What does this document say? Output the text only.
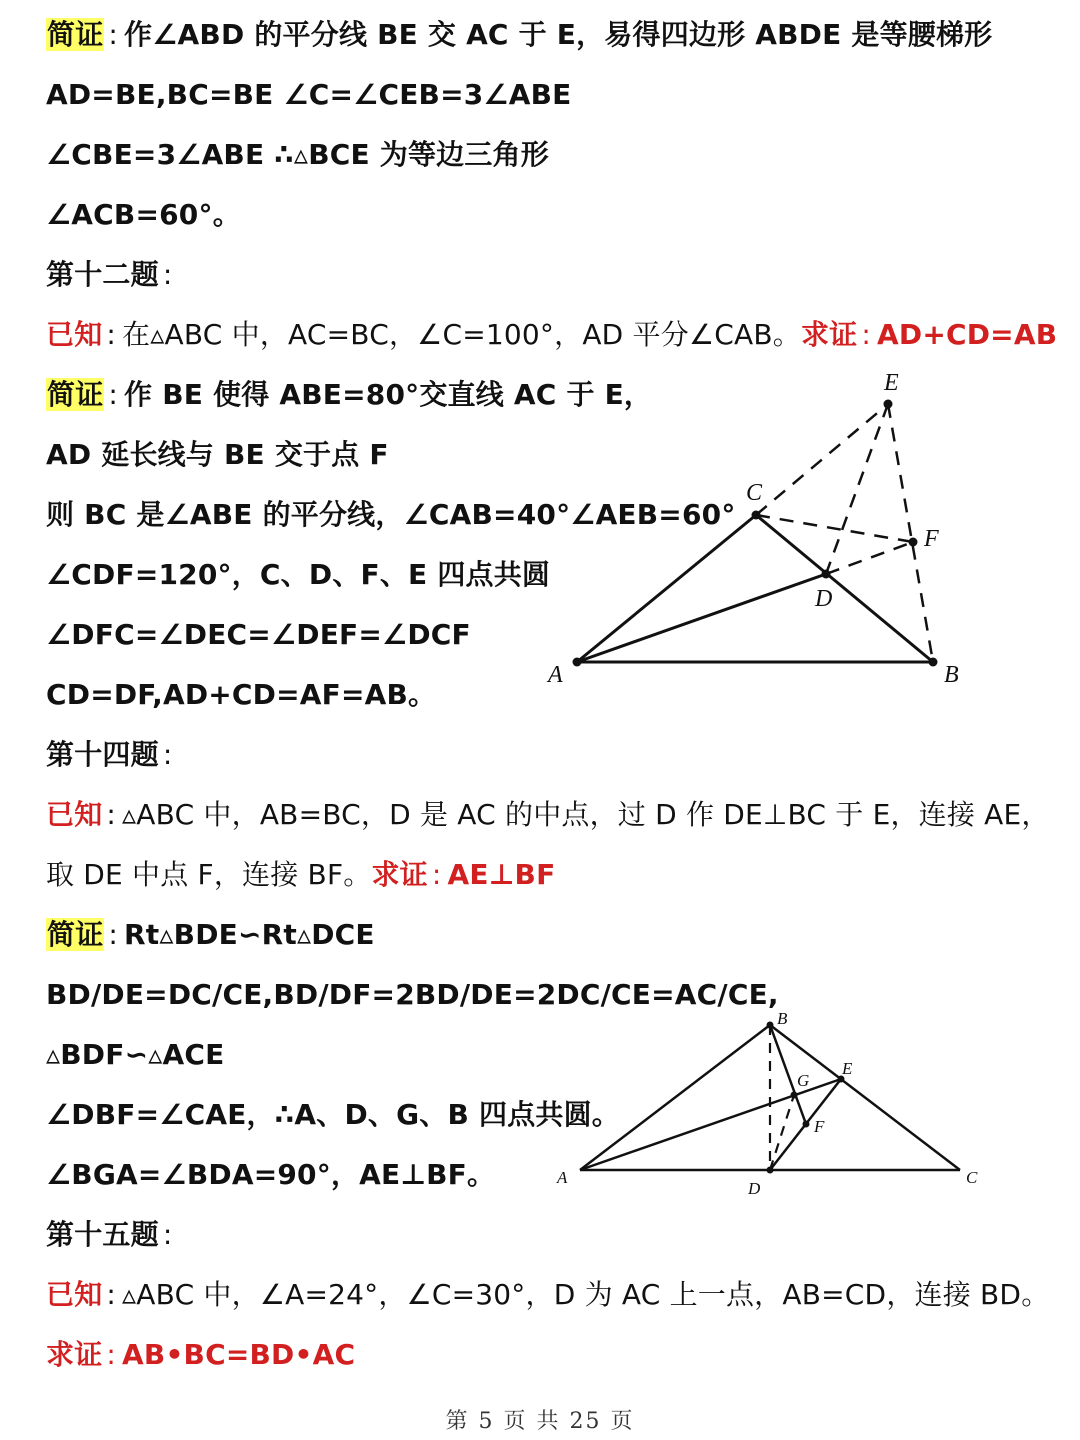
简证 : 作∠ABD 的平分线 BE 交 AC 于 E，易得四边形 ABDE 是等腰梯形
AD=BE,BC=BE ∠C=∠CEB=3∠ABE
∠CBE=3∠ABE ∴▵BCE 为等边三角形
∠ACB=60°。
第十二题 :
已知 : 在▵ABC 中，AC=BC，∠C=100°，AD 平分∠CAB。求证 : AD+CD=AB
简证 : 作 BE 使得 ABE=80°交直线 AC 于 E，
AD 延长线与 BE 交于点 F
则 BC 是∠ABE 的平分线，∠CAB=40°∠AEB=60°
∠CDF=120°，C、D、F、E 四点共圆
∠DFC=∠DEC=∠DEF=∠DCF
CD=DF,AD+CD=AF=AB。
A	B
C
D
E
F
第十四题 :
已知 : ▵ABC 中，AB=BC，D 是 AC 的中点，过 D 作 DE⊥BC 于 E，连接 AE，
取 DE 中点 F，连接 BF。求证 : AE⊥BF
简证 : Rt▵BDE∽Rt▵DCE
BD/DE=DC/CE,BD/DF=2BD/DE=2DC/CE=AC/CE,
▵BDF∽▵ACE
∠DBF=∠CAE，∴A、D、G、B 四点共圆。
∠BGA=∠BDA=90°，AE⊥BF。	A
B
C
D
E
F
G
第十五题 :
已知 : ▵ABC 中，∠A=24°，∠C=30°，D 为 AC 上一点，AB=CD，连接 BD。
求证 : AB•BC=BD•AC
第 5 页 共 25 页
